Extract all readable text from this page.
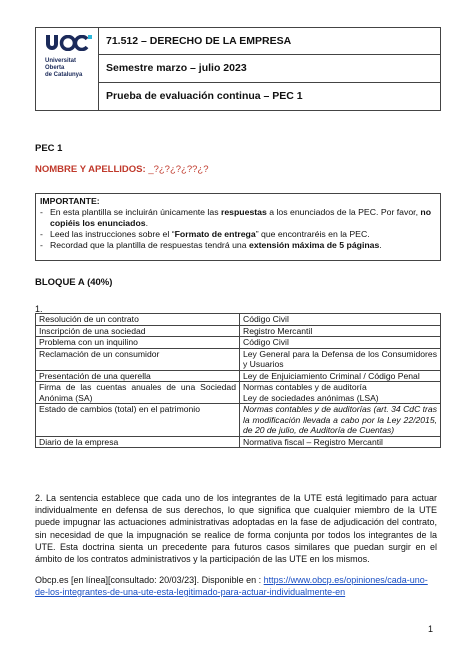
Universitat
Oberta
de Catalunya
71.512 – DERECHO DE LA EMPRESA
Semestre marzo – julio 2023
Prueba de evaluación continua – PEC 1
PEC 1
NOMBRE Y APELLIDOS: _?¿?¿?¿??¿?
IMPORTANTE:
- En esta plantilla se incluirán únicamente las respuestas a los enunciados de la PEC. Por favor, no copiéis los enunciados.
- Leed las instrucciones sobre el “Formato de entrega” que encontraréis en la PEC.
- Recordad que la plantilla de respuestas tendrá una extensión máxima de 5 páginas.
BLOQUE A (40%)
1.
Resolución de un contrato	Código Civil
Inscripción de una sociedad	Registro Mercantil
Problema con un inquilino	Código Civil
Reclamación de un consumidor	Ley General para la Defensa de los Consumidores y Usuarios
Presentación de una querella	Ley de Enjuiciamiento Criminal / Código Penal
Firma de las cuentas anuales de una Sociedad Anónima (SA)	Normas contables y de auditoría
Ley de sociedades anónimas (LSA)
Estado de cambios (total) en el patrimonio	Normas contables y de auditorías (art. 34 CdC tras la modificación llevada a cabo por la Ley 22/2015, de 20 de julio, de Auditoría de Cuentas)
Diario de la empresa	Normativa fiscal – Registro Mercantil
2. La sentencia establece que cada uno de los integrantes de la UTE está legitimado para actuar individualmente en defensa de sus derechos, lo que significa que cualquier miembro de la UTE puede impugnar las actuaciones administrativas adoptadas en la fase de adjudicación del contrato, sin necesidad de que la impugnación se realice de forma conjunta por todos los integrantes de la UTE. Esta doctrina sienta un precedente para futuros casos similares que puedan surgir en el ámbito de los contratos administrativos y la participación de las UTE en los mismos.
Obcp.es [en línea][consultado: 20/03/23]. Disponible en : https://www.obcp.es/opiniones/cada-uno-de-los-integrantes-de-una-ute-esta-legitimado-para-actuar-individualmente-en
1
